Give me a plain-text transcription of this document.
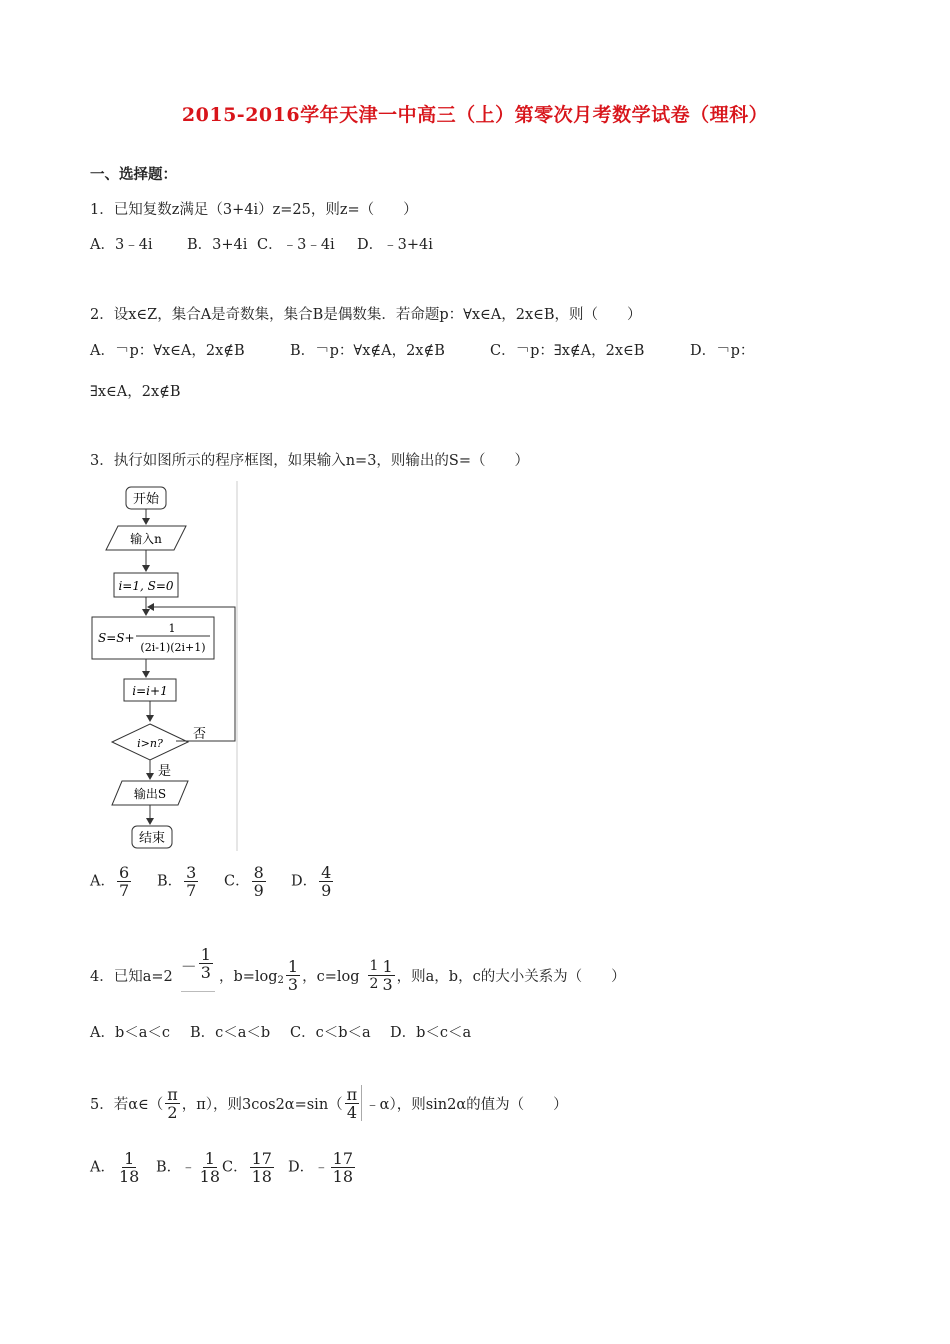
2015-2016学年天津一中高三（上）第零次月考数学试卷（理科）
一、选择题：
1．已知复数z满足（3+4i）z=25，则z=（　　）
A．3﹣4i B．3+4i C．﹣3﹣4i D．﹣3+4i
2．设x∈Z，集合A是奇数集，集合B是偶数集．若命题p：∀x∈A，2x∈B，则（　　）
A．￢p：∀x∈A，2x∉B	B．￢p：∀x∉A，2x∉B	C．￢p：∃x∉A，2x∈B	D．￢p：
∃x∈A，2x∉B
3．执行如图所示的程序框图，如果输入n=3，则输出的S=（　　）
开始
输入n
i=1, S=0
S=S+
1
(2i-1)(2i+1)
i=i+1
i>n?
否
是
输出S
结束
A． $\frac{6}{7}$ B． $\frac{3}{7}$ C． $\frac{8}{9}$ D． $\frac{4}{9}$
4．已知a=2
－ $\frac{1}{3}$ ，b=log $2 \frac{1}{3}$ ，$c=\log \frac{1}{2} \frac{1}{3}$ ，则a，b，c的大小关系为（　　）
A．b＜a＜c B．c＜a＜b C．c＜b＜a D．b＜c＜a
5．若α∈（ $\frac{\pi}{2}$ ，π），则$3\cos 2\alpha=\sin( \frac{\pi}{4}$ ﹣α），则sin2α的值为（　　）
A． $\frac{1}{18}$ B．﹣ $\frac{1}{18}$ C． $\frac{17}{18}$ D．﹣ $\frac{17}{18}$
